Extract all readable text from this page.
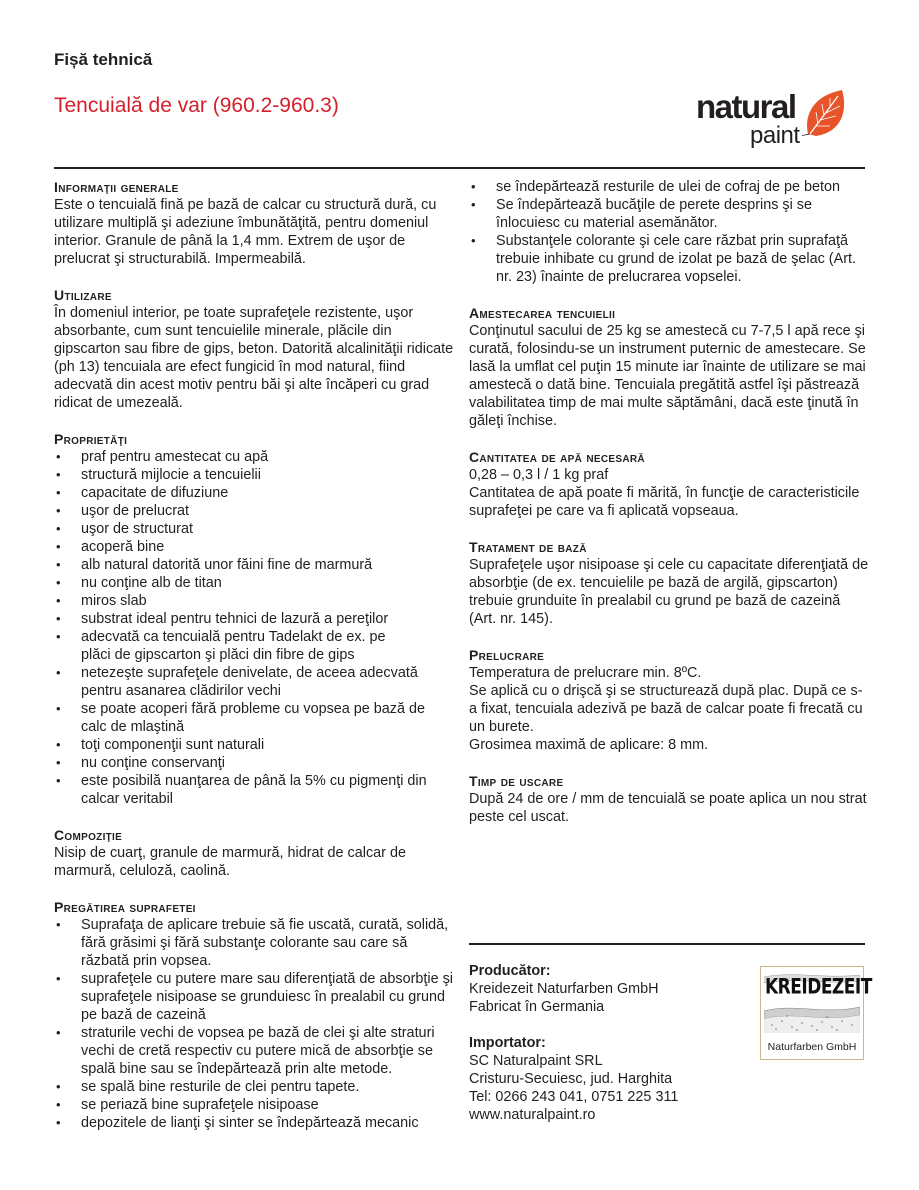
Fișă tehnică
Tencuială de var (960.2-960.3)	natural
paint
Informaţii generale

Este o tencuială fină pe bază de calcar cu structură dură, cu utilizare multiplă şi adeziune îmbunătăţită, pentru domeniul interior. Granule de până la 1,4 mm. Extrem de uşor de prelucrat şi structurabilă. Impermeabilă.

Utilizare

În domeniul interior, pe toate suprafeţele rezistente, uşor absorbante, cum sunt tencuielile minerale, plăcile din gipscarton sau fibre de gips, beton. Datorită alcalinităţii ridicate (ph 13) tencuiala are efect fungicid în mod natural, fiind adecvată din acest motiv pentru băi şi alte încăperi cu grad ridicat de umezeală.

Proprietăţi
• praf pentru amestecat cu apă
• structură mijlocie a tencuielii
• capacitate de difuziune
• uşor de prelucrat
• uşor de structurat
• acoperă bine
• alb natural datorită unor făini fine de marmură
• nu conţine alb de titan
• miros slab
• substrat ideal pentru tehnici de lazură a pereţilor
• adecvată ca tencuială pentru Tadelakt de ex. pe plăci de gipscarton şi plăci din fibre de gips
• netezeşte suprafeţele denivelate, de aceea adecvată pentru asanarea clădirilor vechi
• se poate acoperi fără probleme cu vopsea pe bază de calc de mlaştină
• toţi componenţii sunt naturali
• nu conţine conservanţi
• este posibilă nuanţarea de până la 5% cu pigmenţi din calcar veritabil
Compoziţie

Nisip de cuarţ, granule de marmură, hidrat de calcar de marmură, celuloză, caolină.

Pregătirea suprafetei
• Suprafaţa de aplicare trebuie să fie uscată, curată, solidă, fără grăsimi şi fără substanţe colorante sau care să răzbată prin vopsea.
• suprafeţele cu putere mare sau diferenţiată de absorbţie şi suprafeţele nisipoase se grunduiesc în prealabil cu grund pe bază de cazeină
• straturile vechi de vopsea pe bază de clei şi alte straturi vechi de cretă respectiv cu putere mică de absorbţie se spală bine sau se îndepărtează prin alte metode.
• se spală bine resturile de clei pentru tapete.
• se periază bine suprafeţele nisipoase
• depozitele de lianţi şi sinter se îndepărtează mecanic
• se îndepărtează resturile de ulei de cofraj de pe beton
• Se îndepărtează bucăţile de perete desprins şi se înlocuiesc cu material asemănător.
• Substanţele colorante şi cele care răzbat prin suprafaţă trebuie inhibate cu grund de izolat pe bază de şelac (Art. nr. 23) înainte de prelucrarea vopselei.
Amestecarea tencuielii

Conţinutul sacului de 25 kg se amestecă cu 7-7,5 l apă rece şi curată, folosindu-se un instrument puternic de amestecare. Se lasă la umflat cel puţin 15 minute iar înainte de utilizare se mai amestecă o dată bine. Tencuiala pregătită astfel îşi păstrează valabilitatea timp de mai multe săptămâni, dacă este ţinută în găleţi închise.

Cantitatea de apă necesară

0,28 – 0,3 l / 1 kg praf

Cantitatea de apă poate fi mărită, în funcţie de caracteristicile suprafeţei pe care va fi aplicată vopseaua.

Tratament de bază

Suprafeţele uşor nisipoase şi cele cu capacitate diferenţiată de absorbţie (de ex. tencuielile pe bază de argilă, gipscarton) trebuie grunduite în prealabil cu grund pe bază de cazeină (Art. nr. 145).

Prelucrare

Temperatura de prelucrare min. 8ºC.

Se aplică cu o drişcă şi se structurează după plac. După ce s-a fixat, tencuiala adezivă pe bază de calcar poate fi frecată cu un burete.

Grosimea maximă de aplicare: 8 mm.

Timp de uscare

După 24 de ore / mm de tencuială se poate aplica un nou strat peste cel uscat.

Producător:
Kreidezeit Naturfarben GmbH
Fabricat în Germania
Importator:
SC Naturalpaint SRL
Cristuru-Secuiesc, jud. Harghita
Tel: 0266 243 041, 0751 225 311
www.naturalpaint.ro
KREIDEZEIT
Naturfarben GmbH
